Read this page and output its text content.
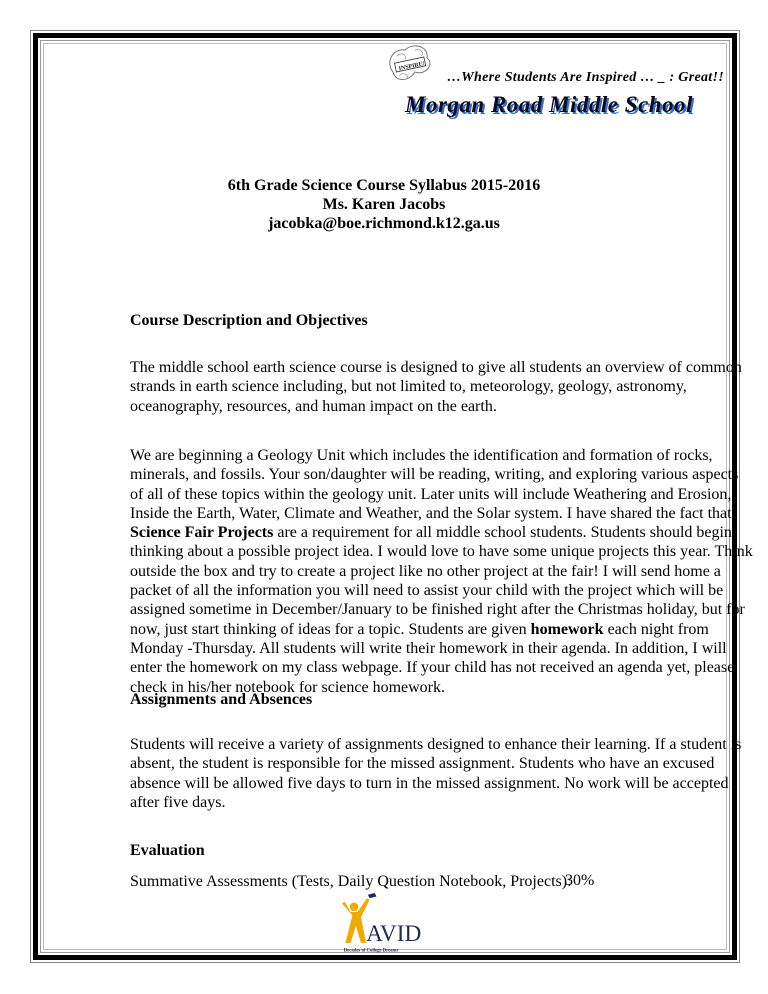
INSPIRE!
…Where Students Are Inspired … _ : Great!!
Morgan Road Middle School
6th Grade Science Course Syllabus 2015-2016
Ms. Karen Jacobs
jacobka@boe.richmond.k12.ga.us
Course Description and Objectives
The middle school earth science course is designed to give all students an overview of common
strands in earth science including, but not limited to, meteorology, geology, astronomy,
oceanography, resources, and human impact on the earth.
We are beginning a Geology Unit which includes the identification and formation of rocks,
minerals, and fossils. Your son/daughter will be reading, writing, and exploring various aspects
of all of these topics within the geology unit. Later units will include Weathering and Erosion,
Inside the Earth, Water, Climate and Weather, and the Solar system. I have shared the fact that
Science Fair Projects are a requirement for all middle school students. Students should begin
thinking about a possible project idea. I would love to have some unique projects this year. Think
outside the box and try to create a project like no other project at the fair! I will send home a
packet of all the information you will need to assist your child with the project which will be
assigned sometime in December/January to be finished right after the Christmas holiday, but for
now, just start thinking of ideas for a topic. Students are given homework each night from
Monday -Thursday. All students will write their homework in their agenda. In addition, I will
enter the homework on my class webpage. If your child has not received an agenda yet, please
check in his/her notebook for science homework.
Assignments and Absences
Students will receive a variety of assignments designed to enhance their learning. If a student is
absent, the student is responsible for the missed assignment. Students who have an excused
absence will be allowed five days to turn in the missed assignment. No work will be accepted
after five days.
Evaluation
Summative Assessments (Tests, Daily Question Notebook, Projects):
30%
AVID
Decades of College Dreams
